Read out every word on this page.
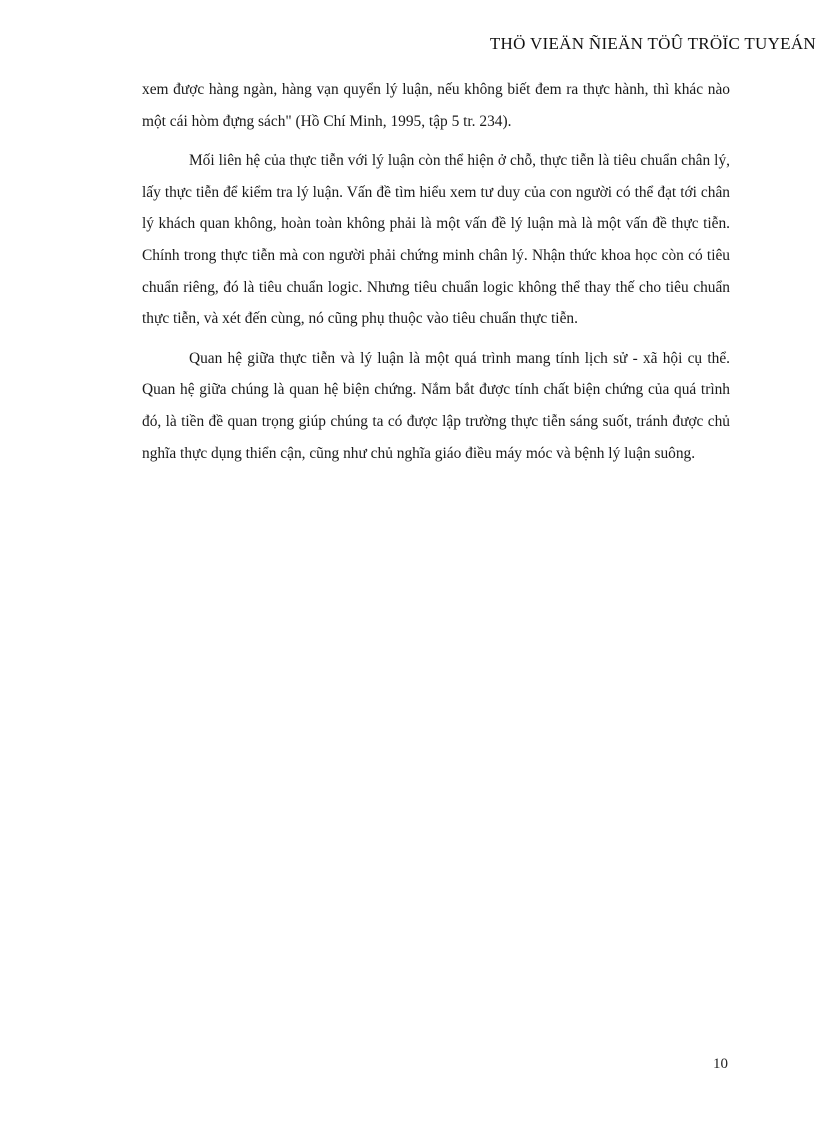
THÖ VIEÄN ÑIEÄN TÖÛ TRÖÏC TUYEÁN

xem được hàng ngàn, hàng vạn quyển lý luận, nếu không biết đem ra thực hành, thì khác nào một cái hòm đựng sách" (Hồ Chí Minh, 1995, tập 5 tr. 234).

Mối liên hệ của thực tiễn với lý luận còn thể hiện ở chỗ, thực tiễn là tiêu chuẩn chân lý, lấy thực tiễn để kiểm tra lý luận. Vấn đề tìm hiểu xem tư duy của con người có thể đạt tới chân lý khách quan không, hoàn toàn không phải là một vấn đề lý luận mà là một vấn đề thực tiễn. Chính trong thực tiễn mà con người phải chứng minh chân lý. Nhận thức khoa học còn có tiêu chuẩn riêng, đó là tiêu chuẩn logic. Nhưng tiêu chuẩn logic không thể thay thế cho tiêu chuẩn thực tiễn, và xét đến cùng, nó cũng phụ thuộc vào tiêu chuẩn thực tiễn.

Quan hệ giữa thực tiễn và lý luận là một quá trình mang tính lịch sử - xã hội cụ thể. Quan hệ giữa chúng là quan hệ biện chứng. Nắm bắt được tính chất biện chứng của quá trình đó, là tiền đề quan trọng giúp chúng ta có được lập trường thực tiễn sáng suốt, tránh được chủ nghĩa thực dụng thiển cận, cũng như chủ nghĩa giáo điều máy móc và bệnh lý luận suông.

10
